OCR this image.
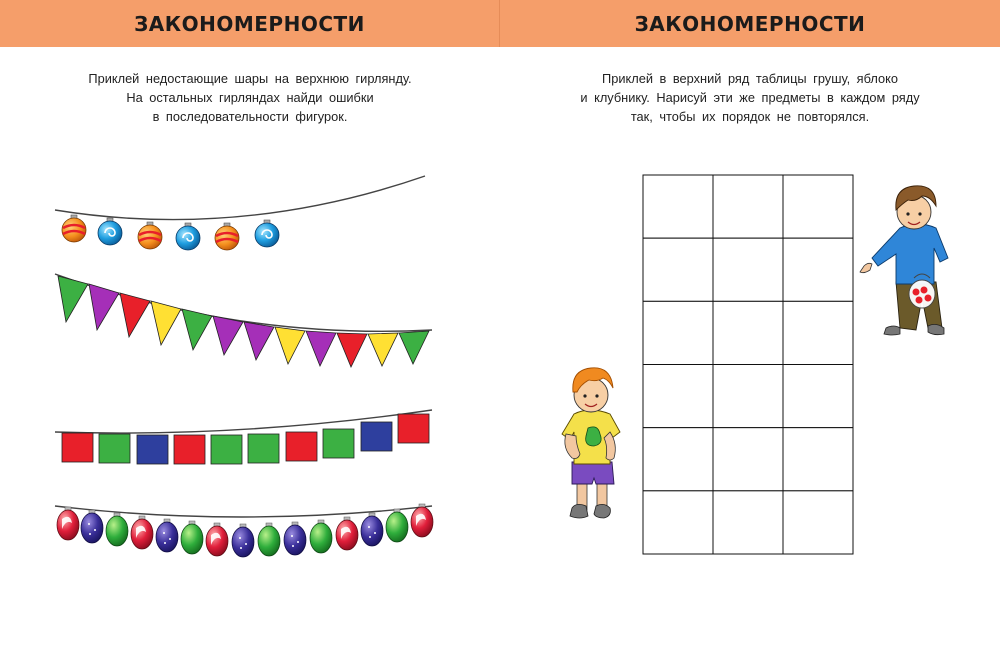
ЗАКОНОМЕРНОСТИ
Приклей недостающие шары на верхнюю гирлянду.
На остальных гирляндах найди ошибки
в последовательности фигурок.
ЗАКОНОМЕРНОСТИ
Приклей в верхний ряд таблицы грушу, яблоко
и клубнику. Нарисуй эти же предметы в каждом ряду
так, чтобы их порядок не повторялся.
